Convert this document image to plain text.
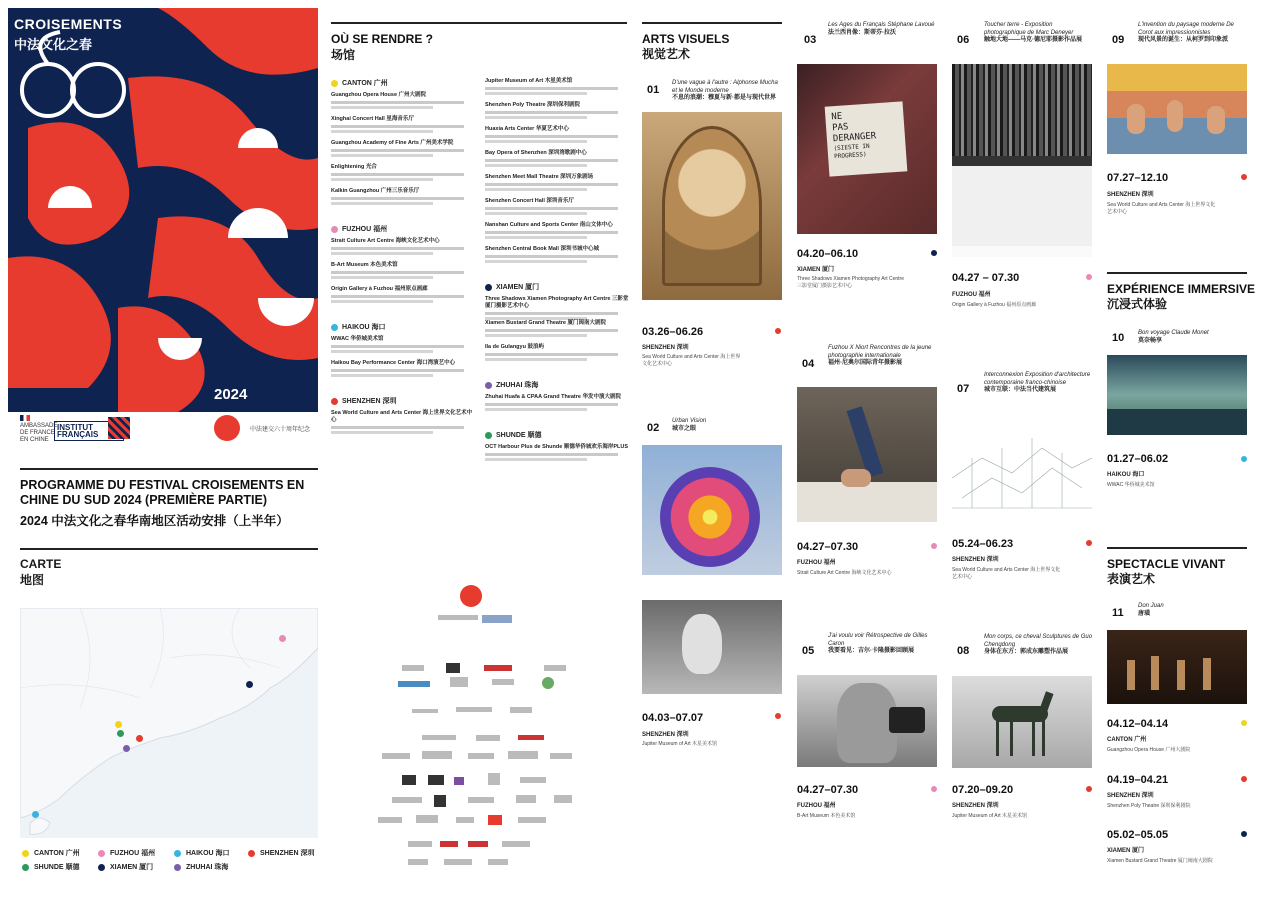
CROISEMENTS
中法文化之春
2024
AMBASSADE DE FRANCE EN CHINE
INSTITUT FRANÇAIS	中法建交六十周年纪念
PROGRAMME DU FESTIVAL CROISEMENTS EN CHINE DU SUD 2024 (PREMIÈRE PARTIE)
2024 中法文化之春华南地区活动安排（上半年）
CARTE
地图
CANTON 广州	FUZHOU 福州	HAIKOU 海口	SHENZHEN 深圳
SHUNDE 顺德	XIAMEN 厦门	ZHUHAI 珠海
OÙ SE RENDRE ?
场馆
CANTON 广州
Guangzhou Opera House 广州大剧院
Xinghai Concert Hall 星海音乐厅
Guangzhou Academy of Fine Arts 广州美术学院
Enlightening 光合
Kalkin Guangzhou 广州三乐音乐厅
FUZHOU 福州
Strait Culture Art Centre 海峡文化艺术中心
B-Art Museum 本色美术馆
Origin Gallery à Fuzhou 福州原点画廊
HAIKOU 海口
WWAC 华侨城美术馆
Haikou Bay Performance Center 海口湾演艺中心
SHENZHEN 深圳
Sea World Culture and Arts Center 海上世界文化艺术中心
Jupiter Museum of Art 木星美术馆
Shenzhen Poly Theatre 深圳保利剧院
Huaxia Arts Center 华夏艺术中心
Bay Opera of Shenzhen 深圳湾歌剧中心
Shenzhen Meet Mall Theatre 深圳万象剧场
Shenzhen Concert Hall 深圳音乐厅
Nanshan Culture and Sports Center 南山文体中心
Shenzhen Central Book Mall 深圳书城中心城
XIAMEN 厦门
Three Shadows Xiamen Photography Art Centre 三影堂厦门摄影艺术中心
Xiamen Bustard Grand Theatre 厦门闽南大剧院
Ila de Gulangyu 鼓浪屿
ZHUHAI 珠海
Zhuhai Huafa & CPAA Grand Theatre 华发中演大剧院
SHUNDE 顺德
OCT Harbour Plus de Shunde 顺德华侨城欢乐海岸PLUS
ARTS VISUELS
视觉艺术
EXPÉRIENCE IMMERSIVE
沉浸式体验
SPECTACLE VIVANT
表演艺术
01
D'une vague à l'autre : Alphonse Mucha et le Monde moderne
不息的浪潮：穆夏与新·都是与现代世界
03.26–06.26
SHENZHEN 深圳
Sea World Culture and Arts Center 海上世界文化艺术中心
02
Urban Vision
城市之眼
04.03–07.07
SHENZHEN 深圳
Jupiter Museum of Art 木星美术馆
03
Les Ages du Français Stéphane Lavoué
法兰西肖像：斯蒂芬·拉沃
NE
PAS
DERANGER
(SIESTE IN PROGRESS)
04.20–06.10
XIAMEN 厦门
Three Shadows Xiamen Photography Art Centre 三影堂厦门摄影艺术中心
04
Fuzhou X Niort Rencontres de la jeune photographie internationale
福州·尼奥尔国际青年摄影展
04.27–07.30
FUZHOU 福州
Strait Culture Art Centre 海峡文化艺术中心
05
J'ai voulu voir Rétrospective de Gilles Caron
我要看见：吉尔·卡隆摄影回顾展
04.27–07.30
FUZHOU 福州
B-Art Museum 本色美术馆
06
Toucher terre - Exposition photographique de Marc Deneyer
触地大地——马克·德尼耶摄影作品展
04.27 – 07.30
FUZHOU 福州
Origin Gallery à Fuzhou 福州原点画廊
07
Interconnexion Exposition d'architecture contemporaine franco-chinoise
城市互联：中法当代建筑展
05.24–06.23
SHENZHEN 深圳
Sea World Culture and Arts Center 海上世界文化艺术中心
08
Mon corps, ce cheval Sculptures de Guo Chengdong
身体在东方：郭成东雕塑作品展
07.20–09.20
SHENZHEN 深圳
Jupiter Museum of Art 木星美术馆
09
L'invention du paysage moderne De Corot aux impressionnistes
现代风景的诞生：从柯罗到印象派
07.27–12.10
SHENZHEN 深圳
Sea World Culture and Arts Center 海上世界文化艺术中心
10 Bon voyage Claude Monet
莫奈畅享
01.27–06.02
HAIKOU 海口
WWAC 华侨城美术馆
11
Don Juan
唐璜
04.12–04.14
CANTON 广州
Guangzhou Opera House 广州大剧院
04.19–04.21
SHENZHEN 深圳
Shenzhen Poly Theatre 深圳保利剧院
05.02–05.05
XIAMEN 厦门
Xiamen Bustard Grand Theatre 厦门闽南大剧院
